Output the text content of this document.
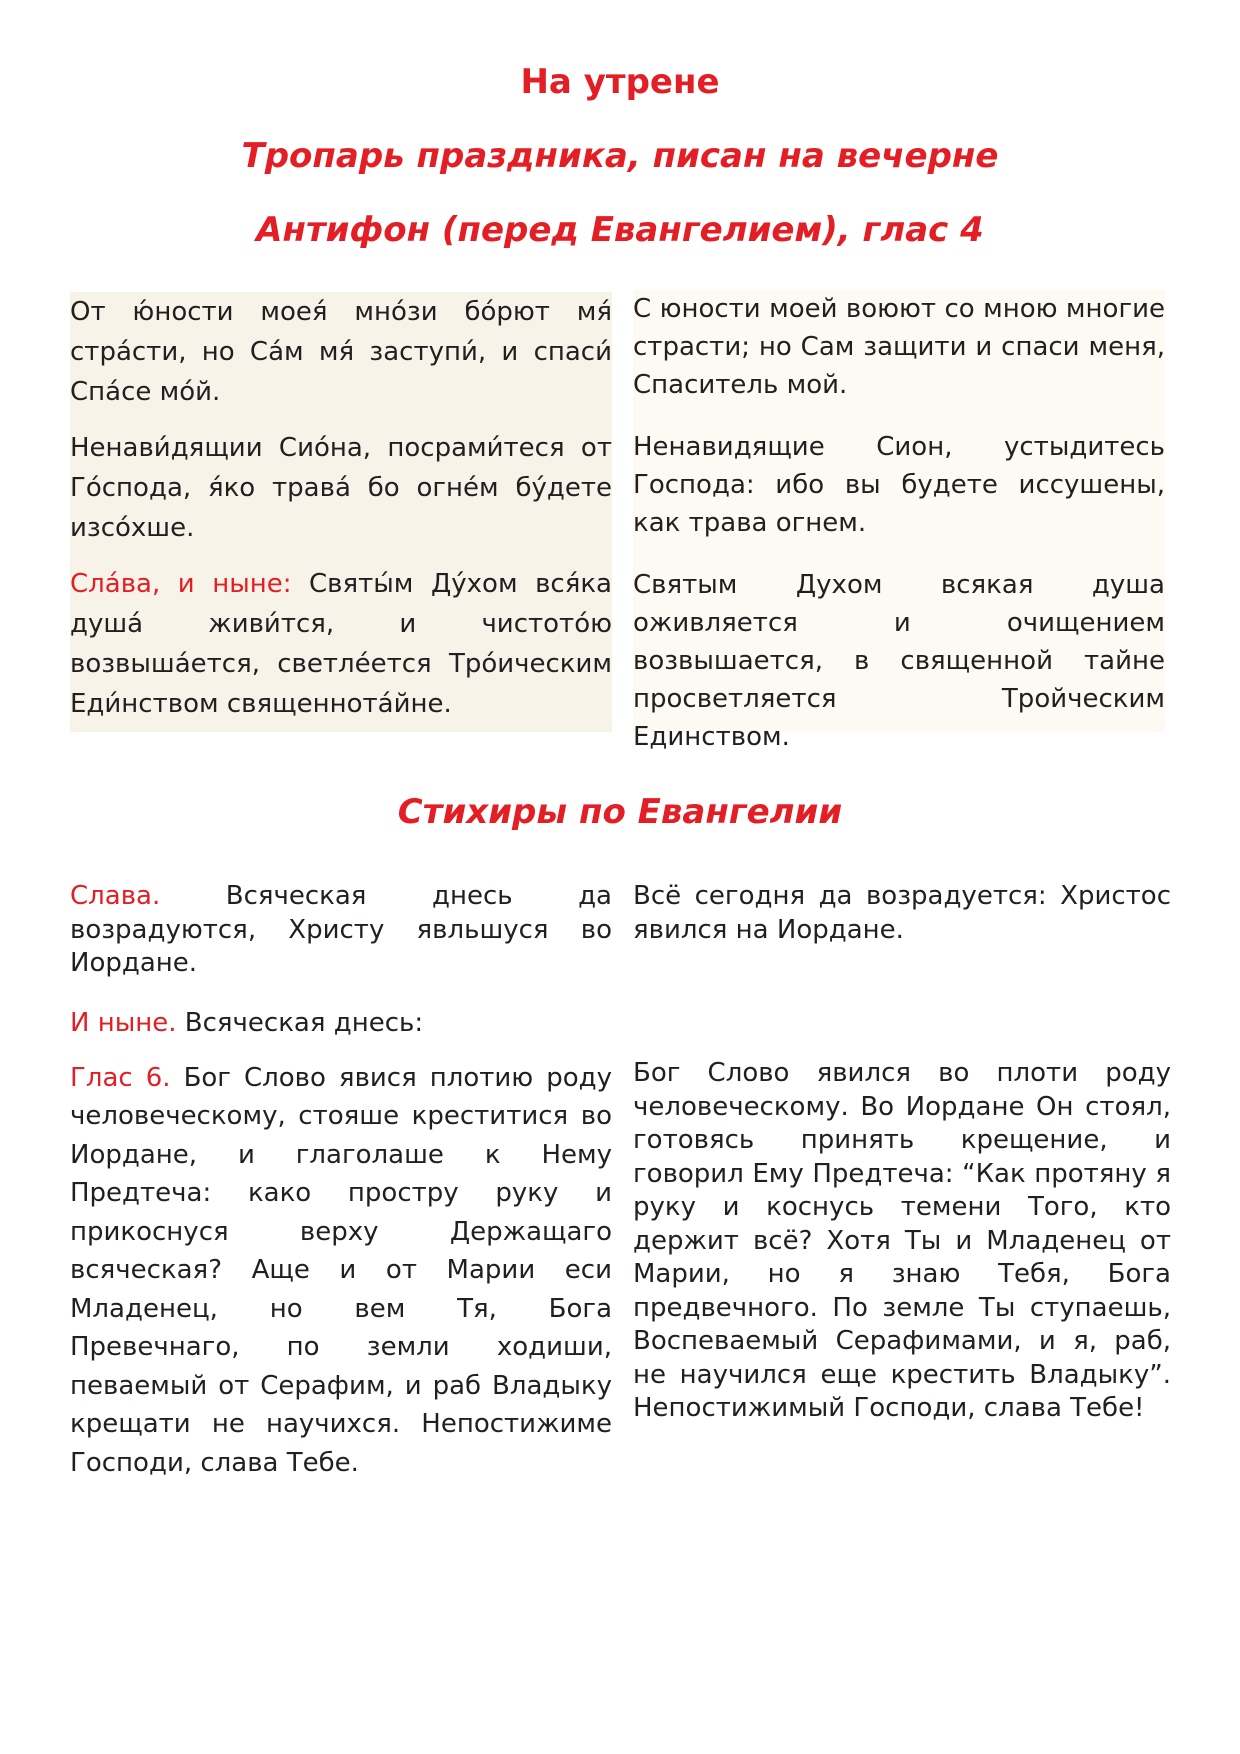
На утрене
Тропарь праздника, писан на вечерне
Антифон (перед Евангелием), глас 4

От ю́ности моея́ мно́зи бо́рют мя́ стра́сти, но Са́м мя́ заступи́, и спаси́ Спа́се мо́й.

Ненави́дящии Сио́на, посрами́теся от Го́спода, я́ко трава́ бо огне́м бу́дете изсо́хше.

Сла́ва, и ныне: Святы́м Ду́хом вся́ка душа́ живи́тся, и чистото́ю возвыша́ется, светле́ется Тро́ическим Еди́нством священнота́йне.

С юности моей воюют со мною многие страсти; но Сам защити и спаси меня, Спаситель мой.

Ненавидящие Сион, устыдитесь Господа: ибо вы будете иссушены, как трава огнем.

Святым Духом всякая душа оживляется и очищением возвышается, в священной тайне просветляется Тройческим Единством.

Стихиры по Евангелии

Слава. Всяческая днесь да возрадуются, Христу явльшуся во Иордане.

И ныне. Всяческая днесь:

Глас 6. Бог Слово явися плотию роду человеческому, стояше креститися во Иордане, и глаголаше к Нему Предтеча: како простру руку и прикоснуся верху Держащаго всяческая? Аще и от Марии еси Младенец, но вем Тя, Бога Превечнаго, по земли ходиши, певаемый от Серафим, и раб Владыку крещати не научихся. Непостижиме Господи, слава Тебе.

Всё сегодня да возрадуется: Христос явился на Иордане.

Бог Слово явился во плоти роду человеческому. Во Иордане Он стоял, готовясь принять крещение, и говорил Ему Предтеча: “Как протяну я руку и коснусь темени Того, кто держит всё? Хотя Ты и Младенец от Марии, но я знаю Тебя, Бога предвечного. По земле Ты ступаешь, Воспеваемый Серафимами, и я, раб, не научился еще крестить Владыку”. Непостижимый Господи, слава Тебе!
